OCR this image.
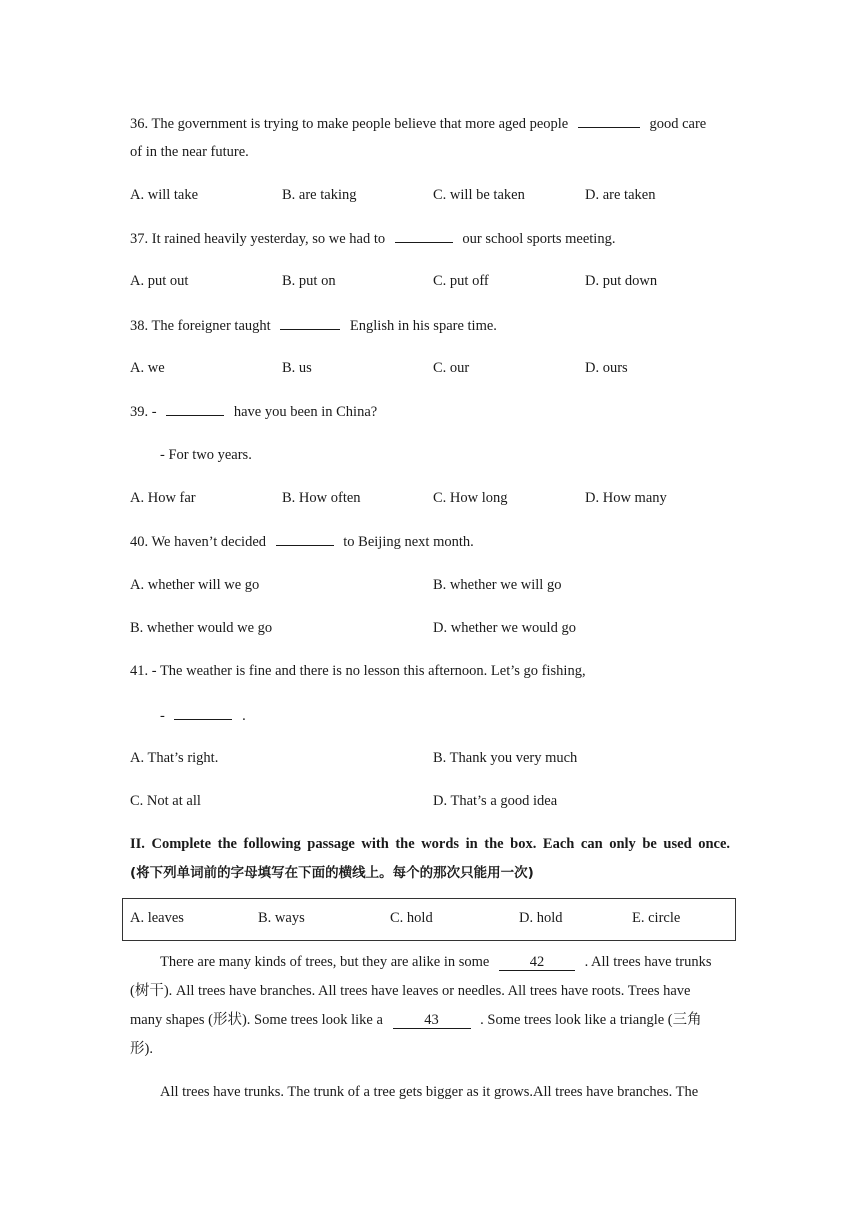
36. The government is trying to make people believe that more aged people	good care
of in the near future.
A. will take	B. are taking	C. will be taken	D. are taken
37. It rained heavily yesterday, so we had to	our school sports meeting.
A. put out	B. put on	C. put off	D. put down
38. The foreigner taught	English in his spare time.
A. we	B. us	C. our	D. ours
39. -	have you been in China?
- For two years.
A. How far	B. How often	C. How long	D. How many
40. We haven’t decided	to Beijing next month.
A. whether will we go	B. whether we will go
B. whether would we go	D. whether we would go
41. - The weather is fine and there is no lesson this afternoon. Let’s go fishing,
-	.
A. That’s right.	B. Thank you very much
C. Not at all	D. That’s a good idea
II. Complete the following passage with the words in the box. Each can only be used once.
(将下列单词前的字母填写在下面的横线上。每个的那次只能用一次)
A. leaves	B. ways	C. hold	D. hold	E. circle
There are many kinds of trees, but they are alike in some	42	. All trees have trunks
(树干). All trees have branches. All trees have leaves or needles. All trees have roots. Trees have
many shapes (形状). Some trees look like a	43	. Some trees look like a triangle (三角
形).
All trees have trunks. The trunk of a tree gets bigger as it grows.All trees have branches. The
